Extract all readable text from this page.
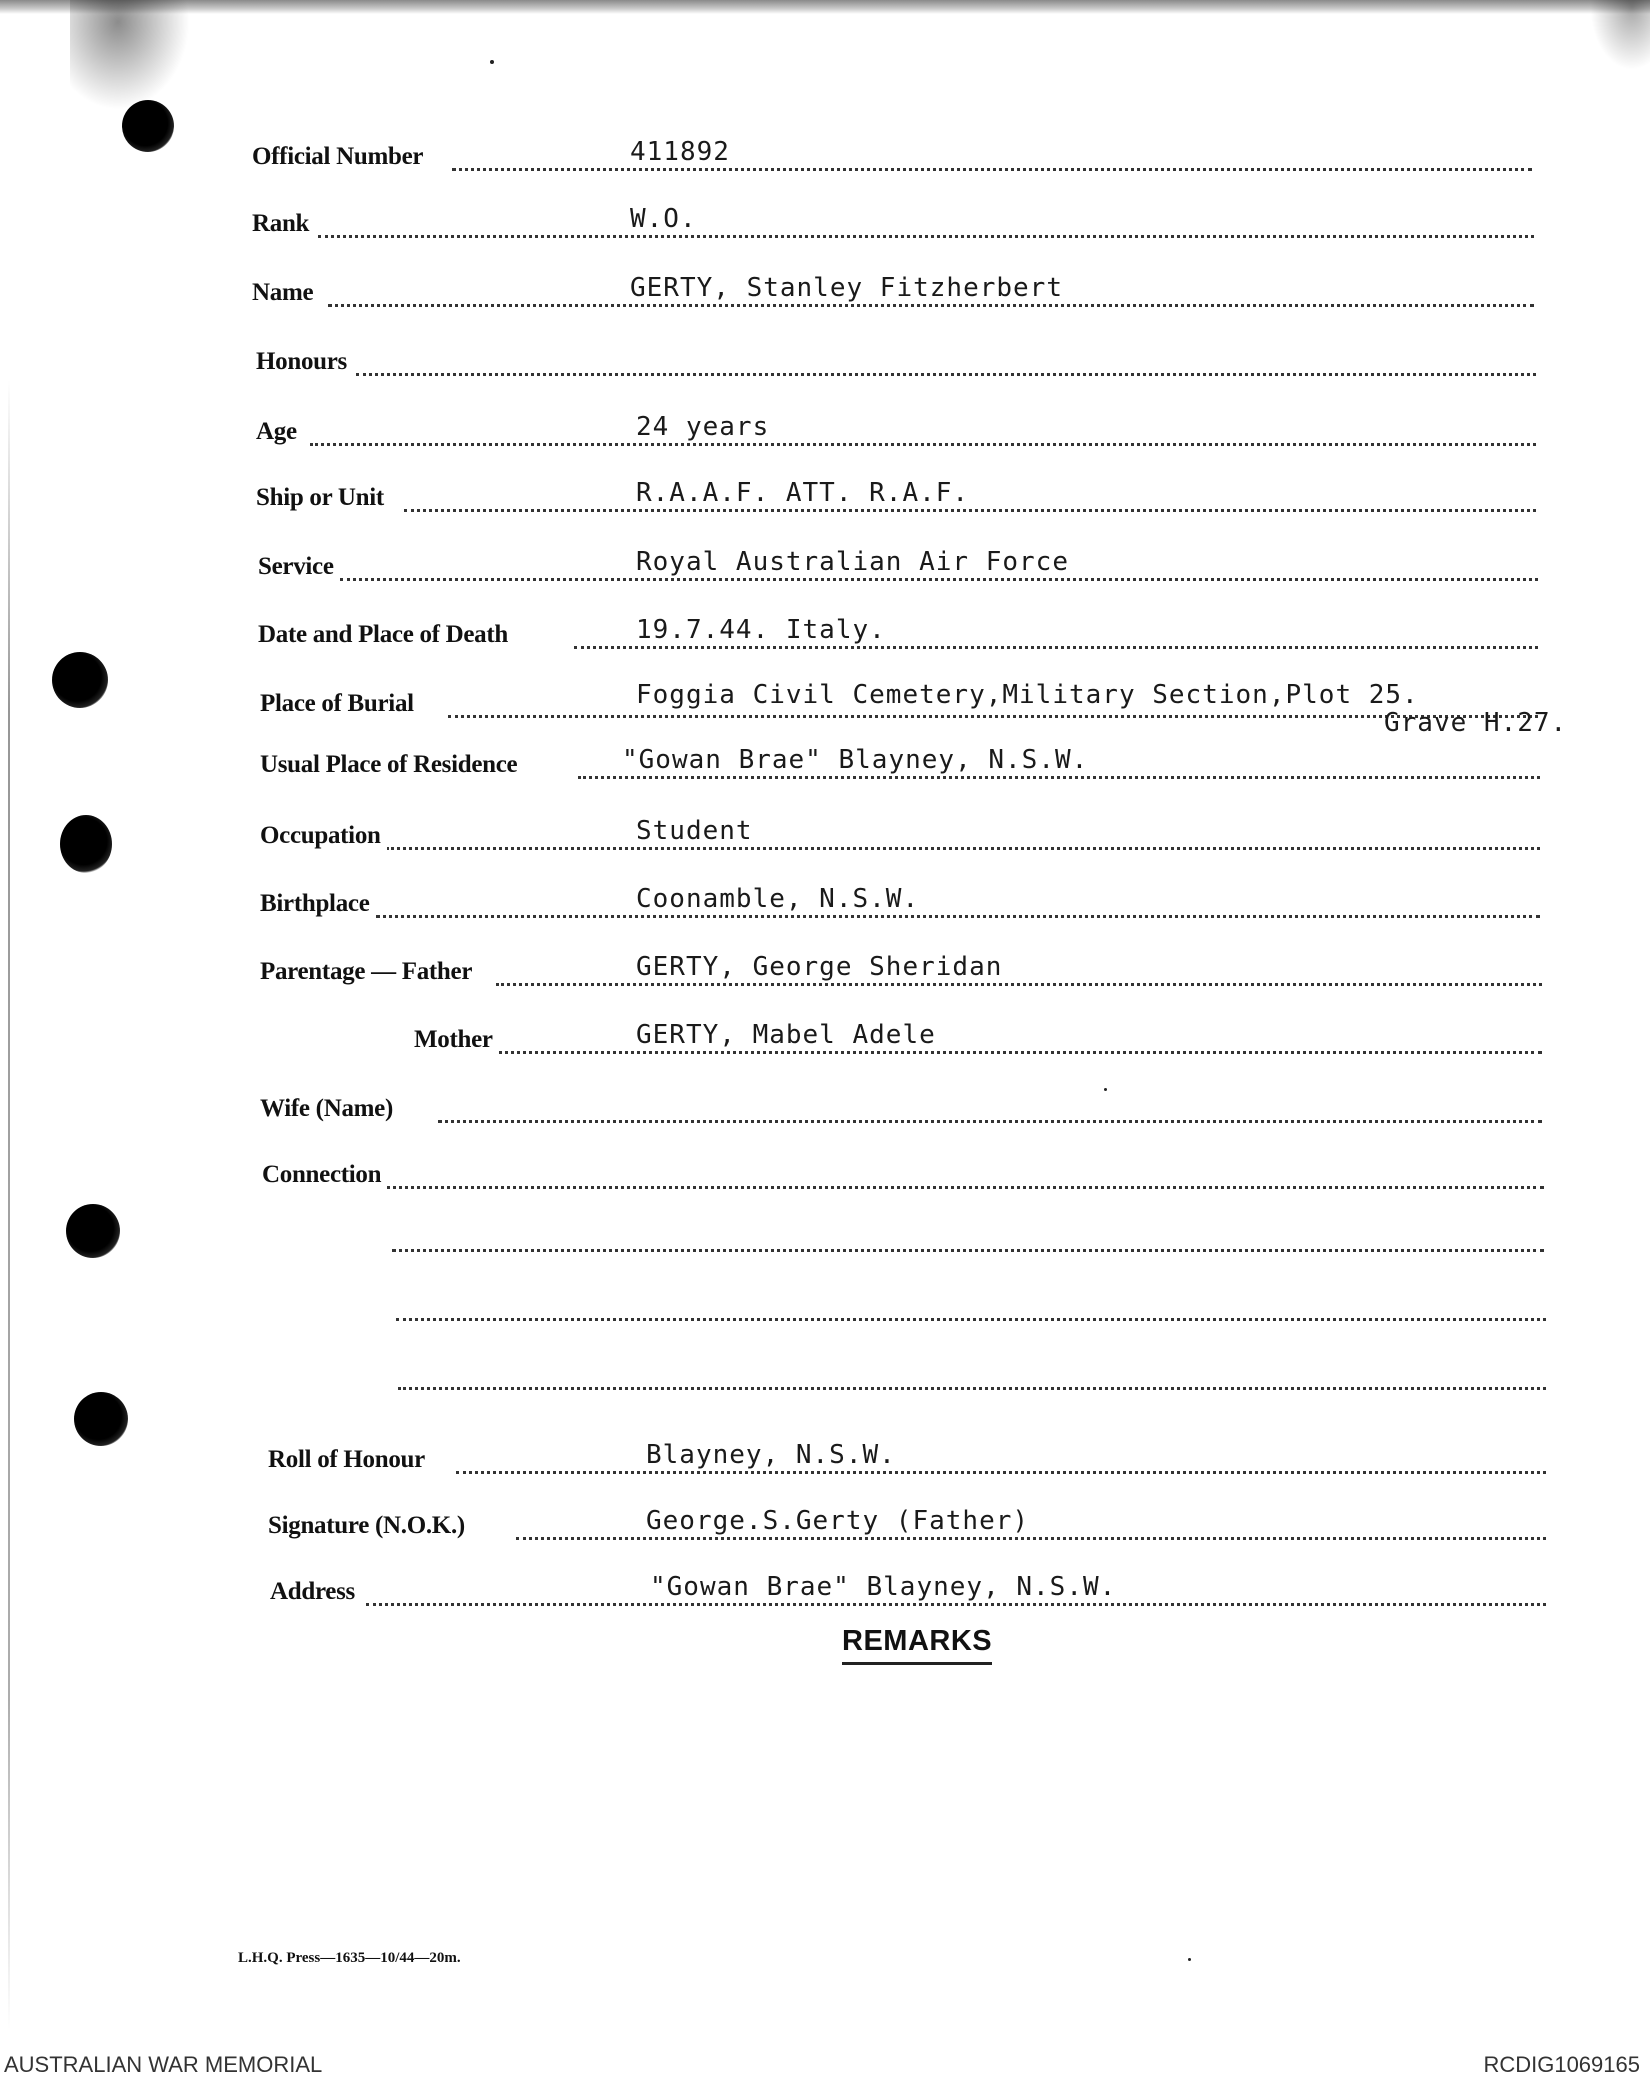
Official Number	411892
Rank	W.O.
Name	GERTY, Stanley Fitzherbert
Honours
Age	24 years
Ship or Unit	R.A.A.F. ATT. R.A.F.
Service	Royal Australian Air Force
Date and Place of Death	19.7.44. Italy.
Place of Burial	Foggia Civil Cemetery,Military Section,Plot 25.
Grave H.27.
Usual Place of Residence	"Gowan Brae" Blayney, N.S.W.
Occupation	Student
Birthplace	Coonamble, N.S.W.
Parentage — Father	GERTY, George Sheridan
Mother	GERTY, Mabel Adele
Wife (Name)
Connection
Roll of Honour	Blayney, N.S.W.
Signature (N.O.K.)	George.S.Gerty (Father)
Address	"Gowan Brae" Blayney, N.S.W.
REMARKS
L.H.Q. Press—1635—10/44—20m.
AUSTRALIAN WAR MEMORIAL	RCDIG1069165
